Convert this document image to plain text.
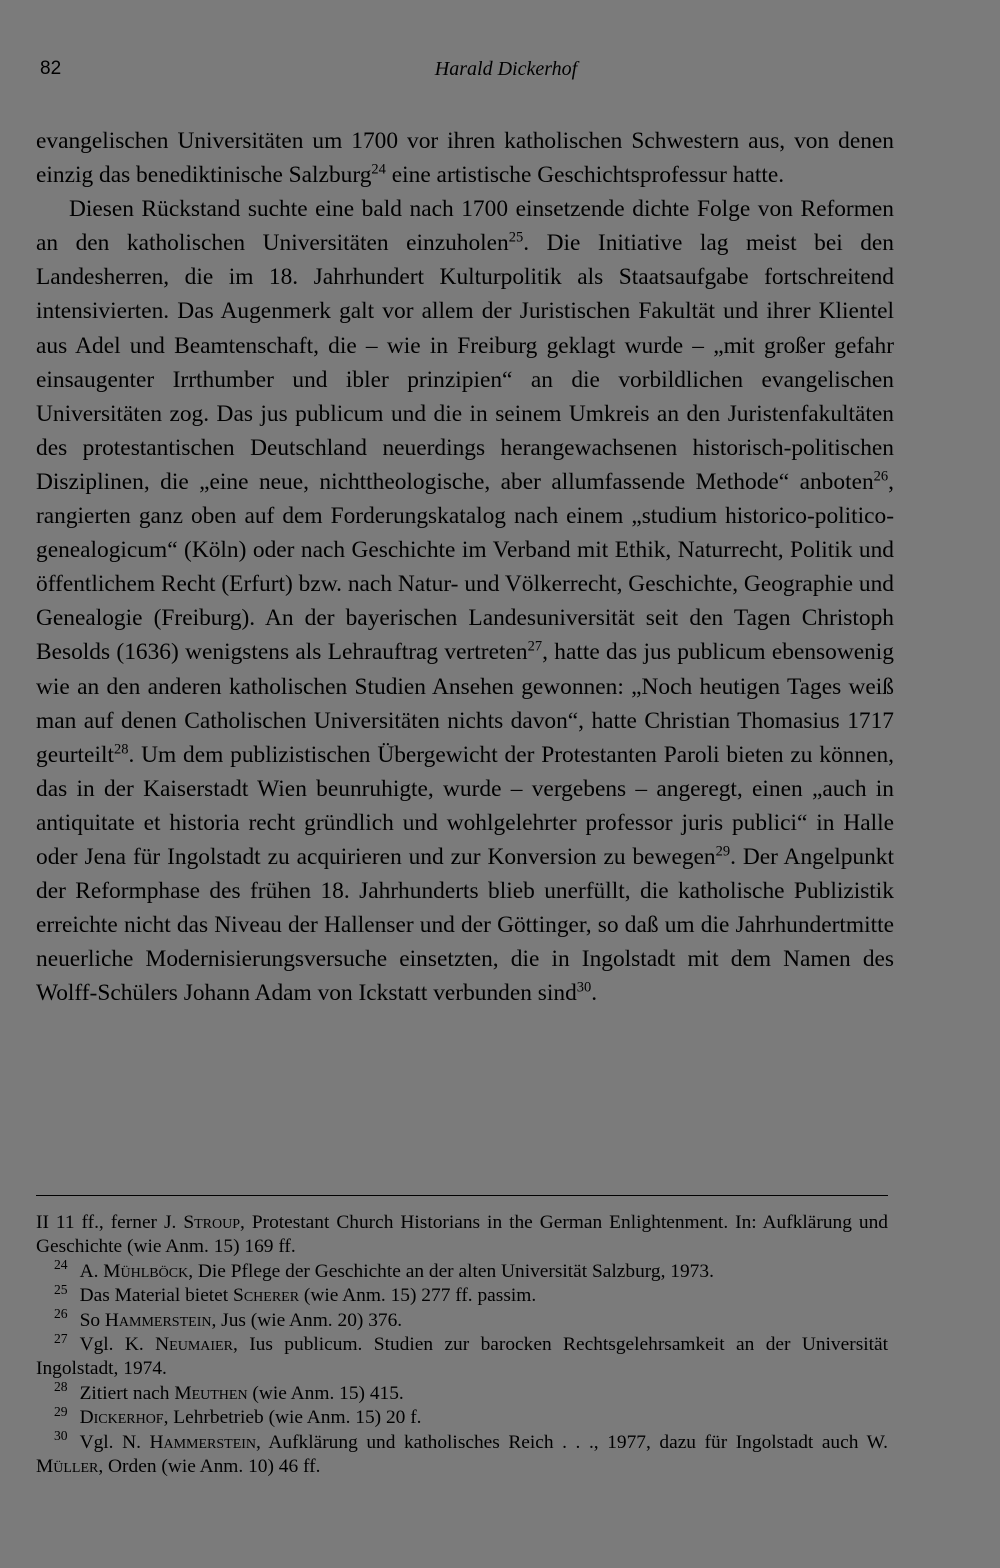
82	Harald Dickerhof

evangelischen Universitäten um 1700 vor ihren katholischen Schwestern aus, von denen einzig das benediktinische Salzburg$^{24}$ eine artistische Geschichtsprofessur hatte.

Diesen Rückstand suchte eine bald nach 1700 einsetzende dichte Folge von Reformen an den katholischen Universitäten einzuholen$^{25}$. Die Initiative lag meist bei den Landesherren, die im 18. Jahrhundert Kulturpolitik als Staatsaufgabe fortschreitend intensivierten. Das Augenmerk galt vor allem der Juristischen Fakultät und ihrer Klientel aus Adel und Beamtenschaft, die – wie in Freiburg geklagt wurde – „mit großer gefahr einsaugenter Irrthumber und ibler prinzipien“ an die vorbildlichen evangelischen Universitäten zog. Das jus publicum und die in seinem Umkreis an den Juristenfakultäten des protestantischen Deutschland neuerdings herangewachsenen historisch-politischen Disziplinen, die „eine neue, nichttheologische, aber allumfassende Methode“ anboten$^{26}$, rangierten ganz oben auf dem Forderungskatalog nach einem „studium historico-politico-genealogicum“ (Köln) oder nach Geschichte im Verband mit Ethik, Naturrecht, Politik und öffentlichem Recht (Erfurt) bzw. nach Natur- und Völkerrecht, Geschichte, Geographie und Genealogie (Freiburg). An der bayerischen Landesuniversität seit den Tagen Christoph Besolds (1636) wenigstens als Lehrauftrag vertreten$^{27}$, hatte das jus publicum ebensowenig wie an den anderen katholischen Studien Ansehen gewonnen: „Noch heutigen Tages weiß man auf denen Catholischen Universitäten nichts davon“, hatte Christian Thomasius 1717 geurteilt$^{28}$. Um dem publizistischen Übergewicht der Protestanten Paroli bieten zu können, das in der Kaiserstadt Wien beunruhigte, wurde – vergebens – angeregt, einen „auch in antiquitate et historia recht gründlich und wohlgelehrter professor juris publici“ in Halle oder Jena für Ingolstadt zu acquirieren und zur Konversion zu bewegen$^{29}$. Der Angelpunkt der Reformphase des frühen 18. Jahrhunderts blieb unerfüllt, die katholische Publizistik erreichte nicht das Niveau der Hallenser und der Göttinger, so daß um die Jahrhundertmitte neuerliche Modernisierungsversuche einsetzten, die in Ingolstadt mit dem Namen des Wolff-Schülers Johann Adam von Ickstatt verbunden sind$^{30}$.

II 11 ff., ferner J. Stroup, Protestant Church Historians in the German Enlightenment. In: Aufklärung und Geschichte (wie Anm. 15) 169 ff.

$^{24}$ A. Mühlböck, Die Pflege der Geschichte an der alten Universität Salzburg, 1973.

$^{25}$ Das Material bietet Scherer (wie Anm. 15) 277 ff. passim.

$^{26}$ So Hammerstein, Jus (wie Anm. 20) 376.

$^{27}$ Vgl. K. Neumaier, Ius publicum. Studien zur barocken Rechtsgelehrsamkeit an der Universität Ingolstadt, 1974.

$^{28}$ Zitiert nach Meuthen (wie Anm. 15) 415.

$^{29}$ Dickerhof, Lehrbetrieb (wie Anm. 15) 20 f.

$^{30}$ Vgl. N. Hammerstein, Aufklärung und katholisches Reich . . ., 1977, dazu für Ingolstadt auch W. Müller, Orden (wie Anm. 10) 46 ff.
